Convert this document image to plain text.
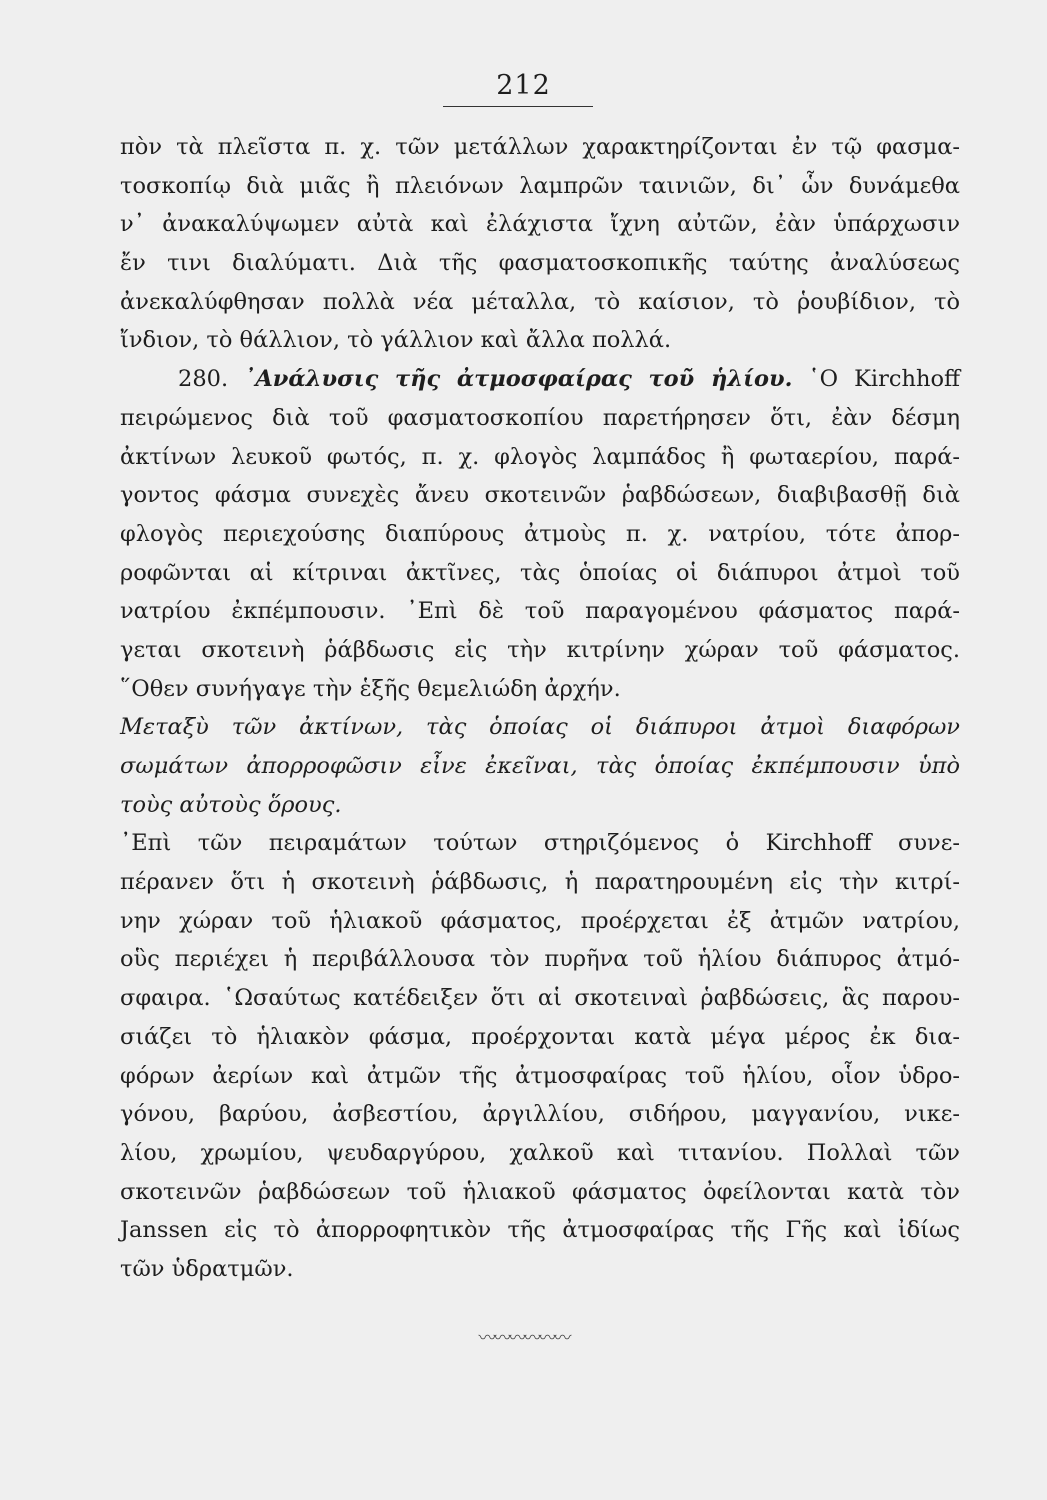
212
πὸν τὰ πλεῖστα π. χ. τῶν μετάλλων χαρακτηρίζονται ἐν τῷ φασμα-
τοσκοπίῳ διὰ μιᾶς ἢ πλειόνων λαμπρῶν ταινιῶν, δι᾽ ὧν δυνάμεθα
ν᾽ ἀνακαλύψωμεν αὐτὰ καὶ ἐλάχιστα ἴχνη αὐτῶν, ἐὰν ὑπάρχωσιν
ἔν τινι διαλύματι. Διὰ τῆς φασματοσκοπικῆς ταύτης ἀναλύσεως
ἀνεκαλύφθησαν πολλὰ νέα μέταλλα, τὸ καίσιον, τὸ ῥουβίδιον, τὸ
ἴνδιον, τὸ θάλλιον, τὸ γάλλιον καὶ ἄλλα πολλά.
280. ᾽Ανάλυσις τῆς ἀτμοσφαίρας τοῦ ἡλίου. ῾Ο Kirchhoff
πειρώμενος διὰ τοῦ φασματοσκοπίου παρετήρησεν ὅτι, ἐὰν δέσμη
ἀκτίνων λευκοῦ φωτός, π. χ. φλογὸς λαμπάδος ἢ φωταερίου, παρά-
γοντος φάσμα συνεχὲς ἄνευ σκοτεινῶν ῥαβδώσεων, διαβιβασθῇ διὰ
φλογὸς περιεχούσης διαπύρους ἀτμοὺς π. χ. νατρίου, τότε ἀπορ-
ροφῶνται αἱ κίτριναι ἀκτῖνες, τὰς ὁποίας οἱ διάπυροι ἀτμοὶ τοῦ
νατρίου ἐκπέμπουσιν. ᾽Επὶ δὲ τοῦ παραγομένου φάσματος παρά-
γεται σκοτεινὴ ῥάβδωσις εἰς τὴν κιτρίνην χώραν τοῦ φάσματος.
῞Οθεν συνήγαγε τὴν ἑξῆς θεμελιώδη ἀρχήν.
Μεταξὺ τῶν ἀκτίνων, τὰς ὁποίας οἱ διάπυροι ἀτμοὶ διαφόρων
σωμάτων ἀπορροφῶσιν εἶνε ἐκεῖναι, τὰς ὁποίας ἐκπέμπουσιν ὑπὸ
τοὺς αὐτοὺς ὅρους.
᾽Επὶ τῶν πειραμάτων τούτων στηριζόμενος ὁ Kirchhoff συνε-
πέρανεν ὅτι ἡ σκοτεινὴ ῥάβδωσις, ἡ παρατηρουμένη εἰς τὴν κιτρί-
νην χώραν τοῦ ἡλιακοῦ φάσματος, προέρχεται ἐξ ἀτμῶν νατρίου,
οὓς περιέχει ἡ περιβάλλουσα τὸν πυρῆνα τοῦ ἡλίου διάπυρος ἀτμό-
σφαιρα. ῾Ωσαύτως κατέδειξεν ὅτι αἱ σκοτειναὶ ῥαβδώσεις, ἃς παρου-
σιάζει τὸ ἡλιακὸν φάσμα, προέρχονται κατὰ μέγα μέρος ἐκ δια-
φόρων ἀερίων καὶ ἀτμῶν τῆς ἀτμοσφαίρας τοῦ ἡλίου, οἷον ὑδρο-
γόνου, βαρύου, ἀσβεστίου, ἀργιλλίου, σιδήρου, μαγγανίου, νικε-
λίου, χρωμίου, ψευδαργύρου, χαλκοῦ καὶ τιτανίου. Πολλαὶ τῶν
σκοτεινῶν ῥαβδώσεων τοῦ ἡλιακοῦ φάσματος ὀφείλονται κατὰ τὸν
Janssen εἰς τὸ ἀπορροφητικὸν τῆς ἀτμοσφαίρας τῆς Γῆς καὶ ἰδίως
τῶν ὑδρατμῶν.
〰〰〰〰〰〰
